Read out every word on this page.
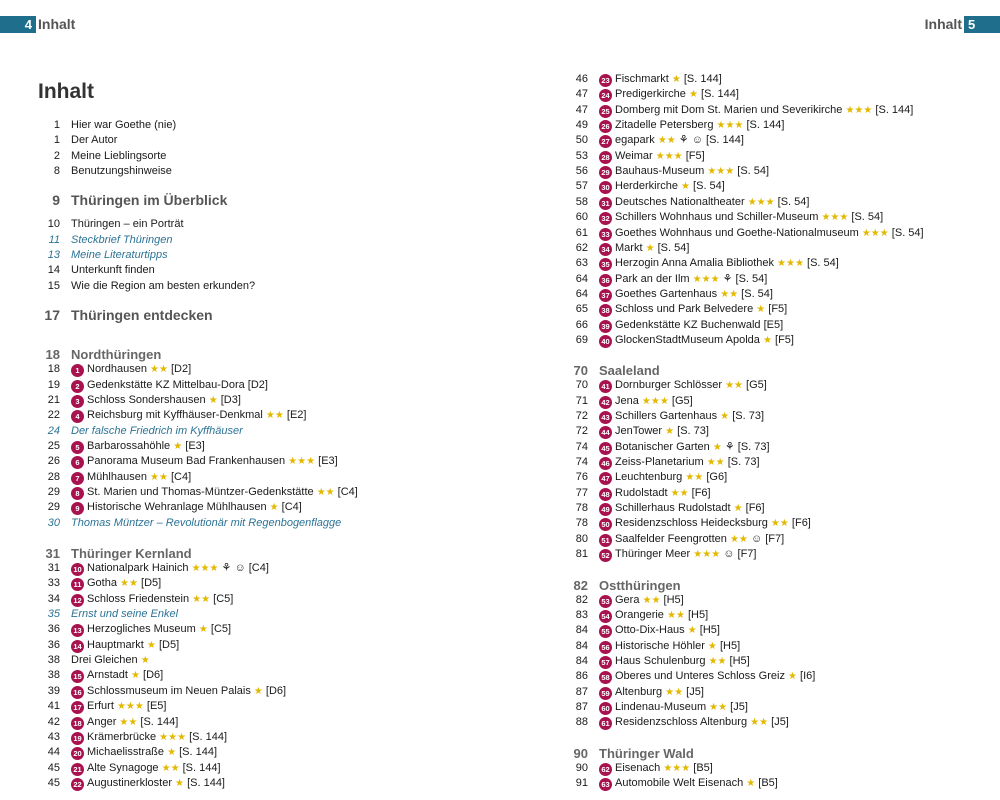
4 Inhalt	Inhalt 5
Inhalt
1 Hier war Goethe (nie)
1 Der Autor
2 Meine Lieblingsorte
8 Benutzungshinweise
9 Thüringen im Überblick
10 Thüringen – ein Porträt
11 Steckbrief Thüringen
13 Meine Literaturtipps
14 Unterkunft finden
15 Wie die Region am besten erkunden?
17 Thüringen entdecken
18 Nordthüringen
18	1 Nordhausen ★★ [D2]
19	2 Gedenkstätte KZ Mittelbau-Dora [D2]
21	3 Schloss Sondershausen ★ [D3]
22	4 Reichsburg mit Kyffhäuser-Denkmal ★★ [E2]
24 Der falsche Friedrich im Kyffhäuser
25	5 Barbarossahöhle ★ [E3]
26	6 Panorama Museum Bad Frankenhausen ★★★ [E3]
28	7 Mühlhausen ★★ [C4]
29	8 St. Marien und Thomas-Müntzer-Gedenkstätte ★★ [C4]
29	9 Historische Wehranlage Mühlhausen ★ [C4]
30 Thomas Müntzer – Revolutionär mit Regenbogenflagge
31 Thüringer Kernland
31	10 Nationalpark Hainich ★★★ ⚘ ☺ [C4]
33	11 Gotha ★★ [D5]
34	12 Schloss Friedenstein ★★ [C5]
35 Ernst und seine Enkel
36	13 Herzogliches Museum ★ [C5]
36	14 Hauptmarkt ★ [D5]
38 Drei Gleichen ★
38	15 Arnstadt ★ [D6]
39	16 Schlossmuseum im Neuen Palais ★ [D6]
41	17 Erfurt ★★★ [E5]
42	18 Anger ★★ [S. 144]
43	19 Krämerbrücke ★★★ [S. 144]
44	20 Michaelisstraße ★ [S. 144]
45	21 Alte Synagoge ★★ [S. 144]
45	22 Augustinerkloster ★ [S. 144]
46	23 Fischmarkt ★ [S. 144]
47	24 Predigerkirche ★ [S. 144]
47	25 Domberg mit Dom St. Marien und Severikirche ★★★ [S. 144]
49	26 Zitadelle Petersberg ★★★ [S. 144]
50	27 egapark ★★ ⚘ ☺ [S. 144]
53	28 Weimar ★★★ [F5]
56	29 Bauhaus-Museum ★★★ [S. 54]
57	30 Herderkirche ★ [S. 54]
58	31 Deutsches Nationaltheater ★★★ [S. 54]
60	32 Schillers Wohnhaus und Schiller-Museum ★★★ [S. 54]
61	33 Goethes Wohnhaus und Goethe-Nationalmuseum ★★★ [S. 54]
62	34 Markt ★ [S. 54]
63	35 Herzogin Anna Amalia Bibliothek ★★★ [S. 54]
64	36 Park an der Ilm ★★★ ⚘ [S. 54]
64	37 Goethes Gartenhaus ★★ [S. 54]
65	38 Schloss und Park Belvedere ★ [F5]
66	39 Gedenkstätte KZ Buchenwald [E5]
69	40 GlockenStadtMuseum Apolda ★ [F5]
70 Saaleland
70	41 Dornburger Schlösser ★★ [G5]
71	42 Jena ★★★ [G5]
72	43 Schillers Gartenhaus ★ [S. 73]
72	44 JenTower ★ [S. 73]
74	45 Botanischer Garten ★ ⚘ [S. 73]
74	46 Zeiss-Planetarium ★★ [S. 73]
76	47 Leuchtenburg ★★ [G6]
77	48 Rudolstadt ★★ [F6]
78	49 Schillerhaus Rudolstadt ★ [F6]
78	50 Residenzschloss Heidecksburg ★★ [F6]
80	51 Saalfelder Feengrotten ★★ ☺ [F7]
81	52 Thüringer Meer ★★★ ☺ [F7]
82 Ostthüringen
82	53 Gera ★★ [H5]
83	54 Orangerie ★★ [H5]
84	55 Otto-Dix-Haus ★ [H5]
84	56 Historische Höhler ★ [H5]
84	57 Haus Schulenburg ★★ [H5]
86	58 Oberes und Unteres Schloss Greiz ★ [I6]
87	59 Altenburg ★★ [J5]
87	60 Lindenau-Museum ★★ [J5]
88	61 Residenzschloss Altenburg ★★ [J5]
90 Thüringer Wald
90	62 Eisenach ★★★ [B5]
91	63 Automobile Welt Eisenach ★ [B5]
